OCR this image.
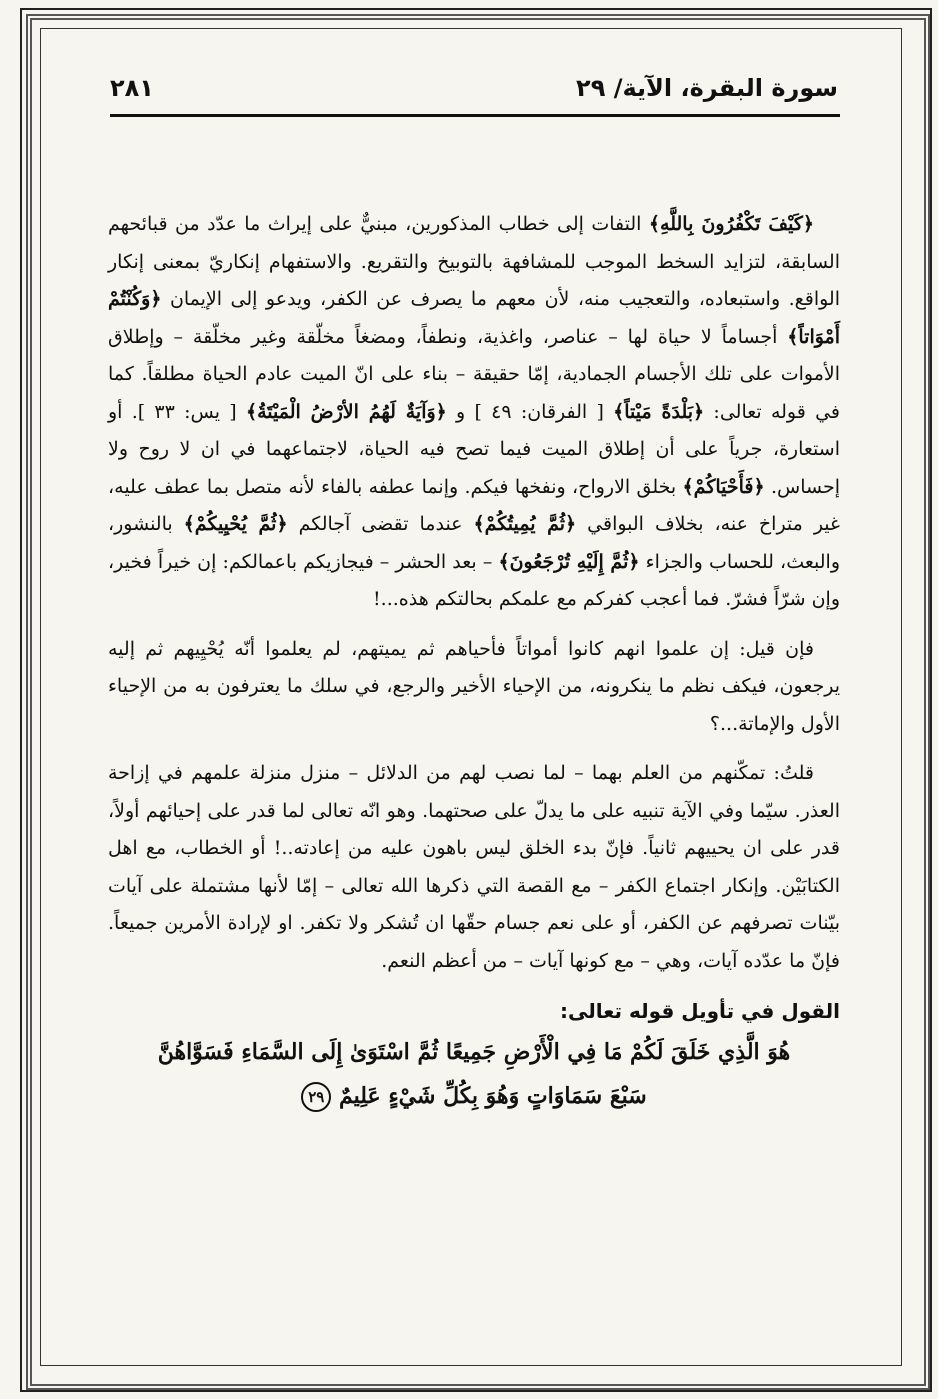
سورة البقرة، الآية/ ٢٩
٢٨١

﴿كَيْفَ تَكْفُرُونَ بِاللَّهِ﴾ التفات إلى خطاب المذكورين، مبنيٌّ على إيراث ما عدّد من قبائحهم السابقة، لتزايد السخط الموجب للمشافهة بالتوبيخ والتقريع. والاستفهام إنكاريّ بمعنى إنكار الواقع. واستبعاده، والتعجيب منه، لأن معهم ما يصرف عن الكفر، ويدعو إلى الإيمان ﴿وَكُنْتُمْ أَمْوَاتاً﴾ أجساماً لا حياة لها – عناصر، واغذية، ونطفاً، ومضغاً مخلّقة وغير مخلّقة – وإطلاق الأموات على تلك الأجسام الجمادية، إمّا حقيقة – بناء على انّ الميت عادم الحياة مطلقاً. كما في قوله تعالى: ﴿بَلْدَةً مَيْتاً﴾ [ الفرقان: ٤٩ ] و ﴿وَآيَةٌ لَهُمُ الأرْضُ الْمَيْتَةُ﴾ [ يس: ٣٣ ]. أو استعارة، جرياً على أن إطلاق الميت فيما تصح فيه الحياة، لاجتماعهما في ان لا روح ولا إحساس. ﴿فَأَحْيَاكُمْ﴾ بخلق الارواح، ونفخها فيكم. وإنما عطفه بالفاء لأنه متصل بما عطف عليه، غير متراخ عنه، بخلاف البواقي ﴿ثُمَّ يُمِيتُكُمْ﴾ عندما تقضى آجالكم ﴿ثُمَّ يُحْيِيكُمْ﴾ بالنشور، والبعث، للحساب والجزاء ﴿ثُمَّ إِلَيْهِ تُرْجَعُونَ﴾ – بعد الحشر – فيجازيكم باعمالكم: إن خيراً فخير، وإن شرّاً فشرّ. فما أعجب كفركم مع علمكم بحالتكم هذه...!

فإن قيل: إن علموا انهم كانوا أمواتاً فأحياهم ثم يميتهم، لم يعلموا أنّه يُحْيِيهم ثم إليه يرجعون، فيكف نظم ما ينكرونه، من الإحياء الأخير والرجع، في سلك ما يعترفون به من الإحياء الأول والإماتة...؟

قلتُ: تمكّنهم من العلم بهما – لما نصب لهم من الدلائل – منزل منزلة علمهم في إزاحة العذر. سيّما وفي الآية تنبيه على ما يدلّ على صحتهما. وهو انّه تعالى لما قدر على إحيائهم أولاً، قدر على ان يحييهم ثانياً. فإنّ بدء الخلق ليس باهون عليه من إعادته..! أو الخطاب، مع اهل الكتابَيْن. وإنكار اجتماع الكفر – مع القصة التي ذكرها الله تعالى – إمّا لأنها مشتملة على آيات بيّنات تصرفهم عن الكفر، أو على نعم جسام حقّها ان تُشكر ولا تكفر. او لإرادة الأمرين جميعاً. فإنّ ما عدّده آيات، وهي – مع كونها آيات – من أعظم النعم.

القول في تأويل قوله تعالى:
هُوَ الَّذِي خَلَقَ لَكُمْ مَا فِي الْأَرْضِ جَمِيعًا ثُمَّ اسْتَوَىٰ إِلَى السَّمَاءِ فَسَوَّاهُنَّ
سَبْعَ سَمَاوَاتٍ وَهُوَ بِكُلِّ شَيْءٍ عَلِيمٌ ٢٩
